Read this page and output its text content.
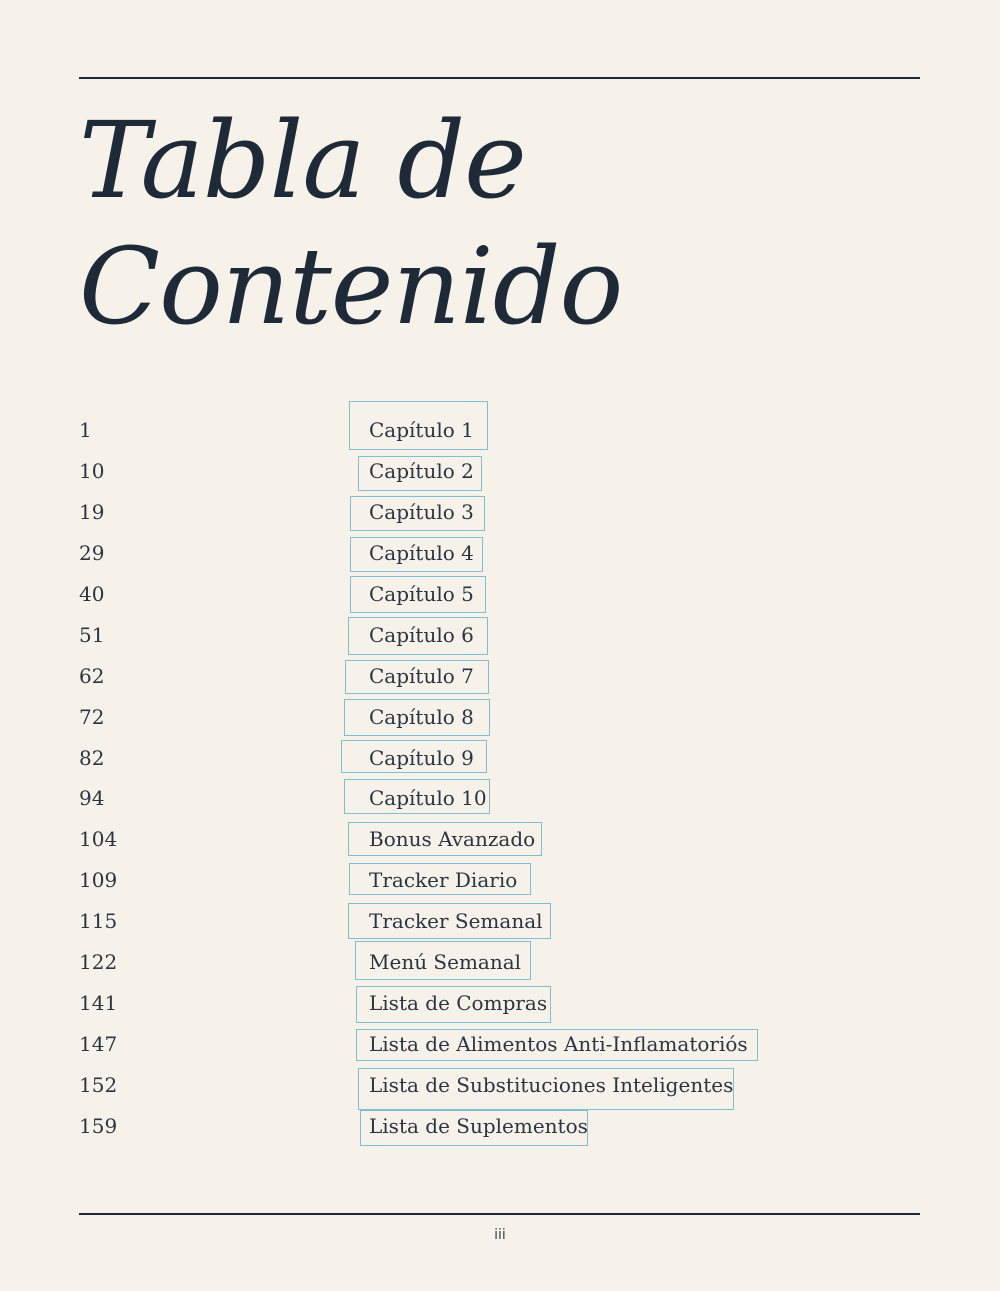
Tabla de
Contenido
1	Capítulo 1
10	Capítulo 2
19	Capítulo 3
29	Capítulo 4
40	Capítulo 5
51	Capítulo 6
62	Capítulo 7
72	Capítulo 8
82	Capítulo 9
94	Capítulo 10
104	Bonus Avanzado
109	Tracker Diario
115	Tracker Semanal
122	Menú Semanal
141	Lista de Compras
147	Lista de Alimentos Anti-Inflamatoriós
152	Lista de Substituciones Inteligentes
159	Lista de Suplementos
iii
